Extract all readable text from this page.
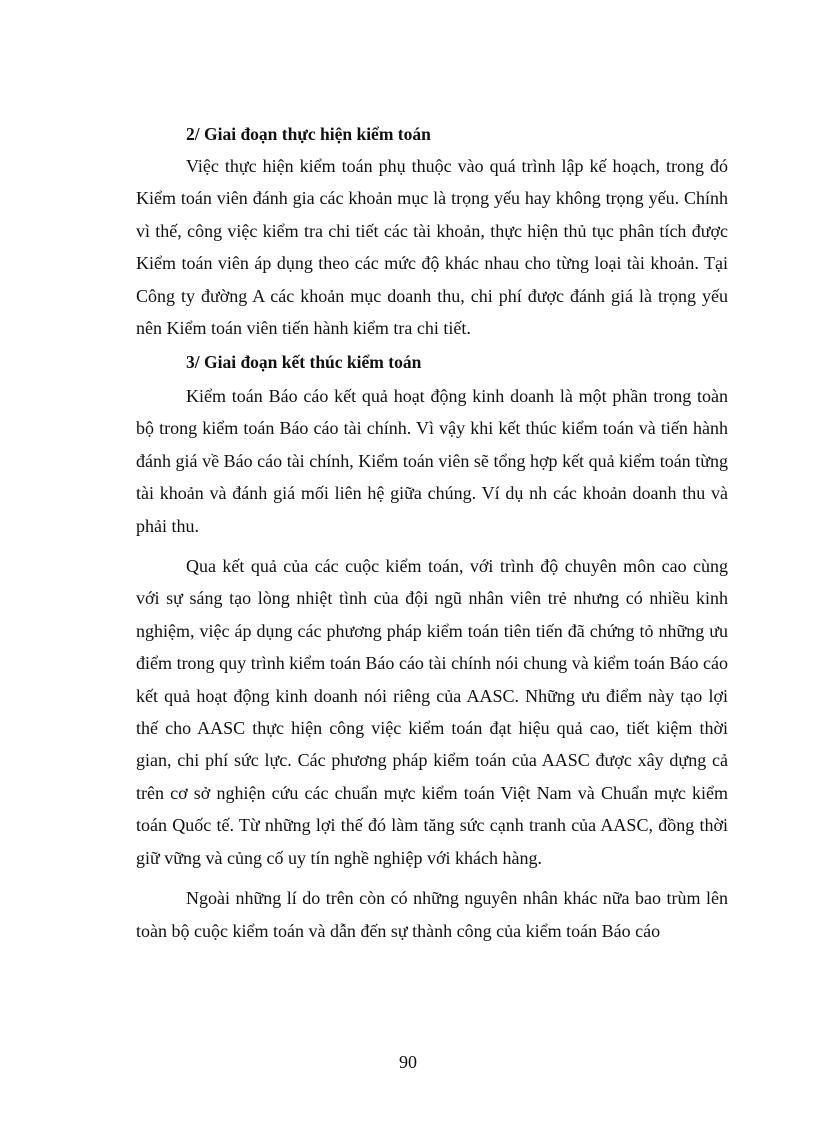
2/ Giai đoạn thực hiện kiểm toán

Việc thực hiện kiểm toán phụ thuộc vào quá trình lập kế hoạch, trong đó Kiểm toán viên đánh gia các khoản mục là trọng yếu hay không trọng yếu. Chính vì thế, công việc kiểm tra chi tiết các tài khoản, thực hiện thủ tục phân tích được Kiểm toán viên áp dụng theo các mức độ khác nhau cho từng loại tài khoản. Tại Công ty đường A các khoản mục doanh thu, chi phí được đánh giá là trọng yếu nên Kiểm toán viên tiến hành kiểm tra chi tiết.

3/ Giai đoạn kết thúc kiểm toán

Kiểm toán Báo cáo kết quả hoạt động kinh doanh là một phần trong toàn bộ trong kiểm toán Báo cáo tài chính. Vì vậy khi kết thúc kiểm toán và tiến hành đánh giá về Báo cáo tài chính, Kiểm toán viên sẽ tổng hợp kết quả kiểm toán từng tài khoản và đánh giá mối liên hệ giữa chúng. Ví dụ nh các khoản doanh thu và phải thu.

Qua kết quả của các cuộc kiểm toán, với trình độ chuyên môn cao cùng với sự sáng tạo lòng nhiệt tình của đội ngũ nhân viên trẻ nhưng có nhiều kinh nghiệm, việc áp dụng các phương pháp kiểm toán tiên tiến đã chứng tỏ những ưu điểm trong quy trình kiểm toán Báo cáo tài chính nói chung và kiểm toán Báo cáo kết quả hoạt động kinh doanh nói riêng của AASC. Những ưu điểm này tạo lợi thế cho AASC thực hiện công việc kiểm toán đạt hiệu quả cao, tiết kiệm thời gian, chi phí sức lực. Các phương pháp kiểm toán của AASC được xây dựng cả trên cơ sở nghiện cứu các chuẩn mực kiểm toán Việt Nam và Chuẩn mực kiểm toán Quốc tế. Từ những lợi thế đó làm tăng sức cạnh tranh của AASC, đồng thời giữ vững và củng cố uy tín nghề nghiệp với khách hàng.

Ngoài những lí do trên còn có những nguyên nhân khác nữa bao trùm lên toàn bộ cuộc kiểm toán và dẫn đến sự thành công của kiểm toán Báo cáo

90
